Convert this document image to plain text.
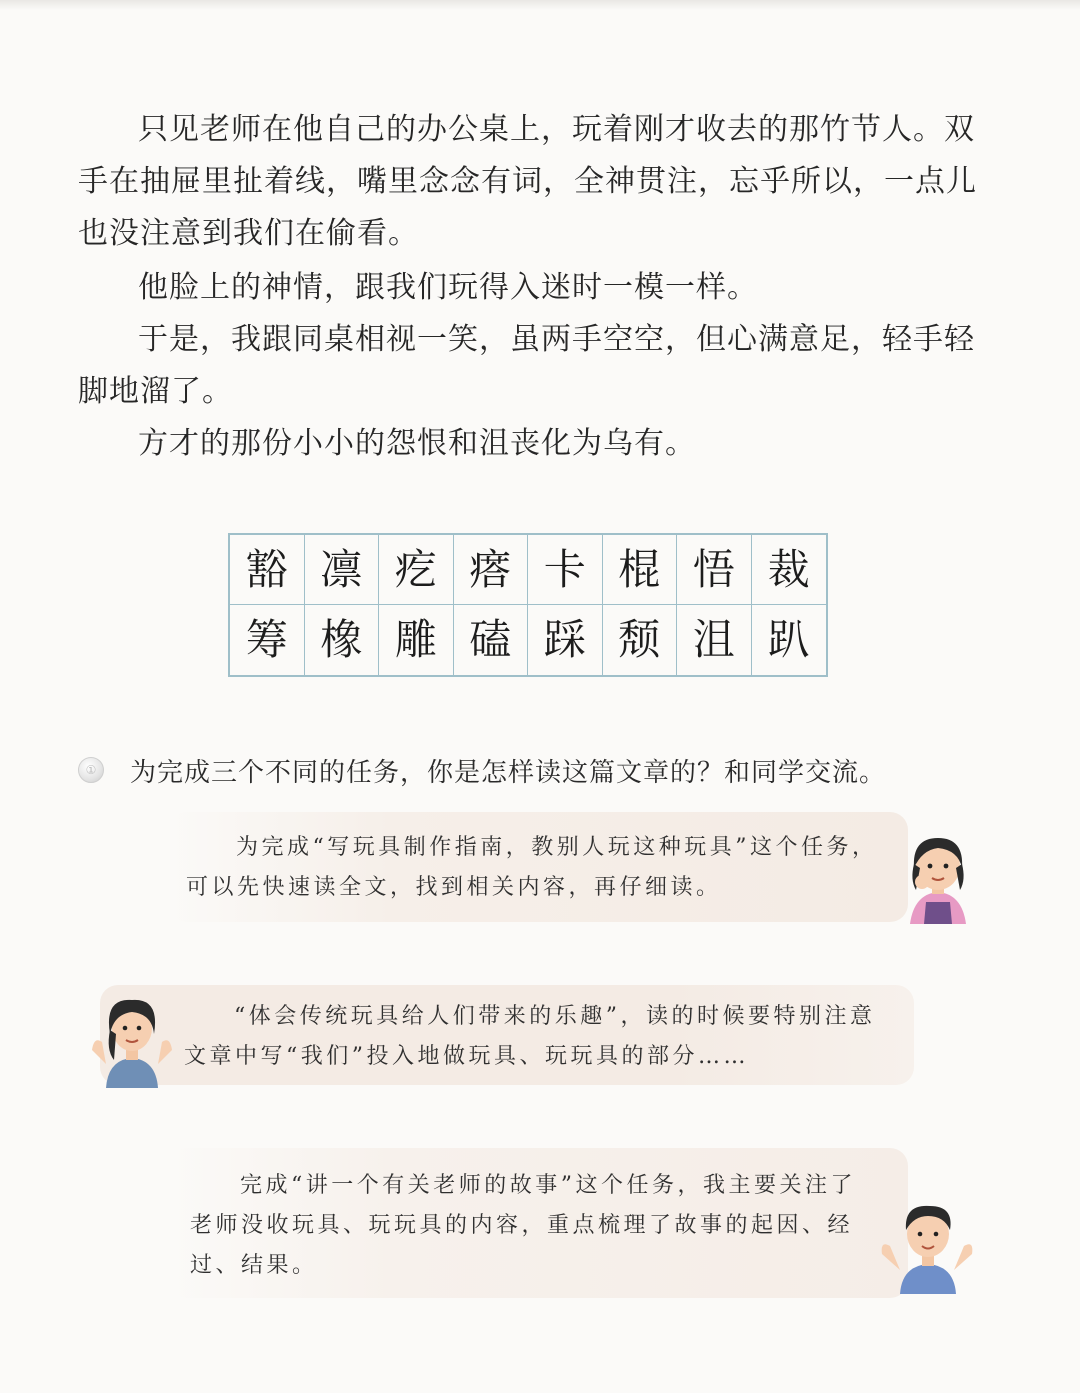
只见老师在他自己的办公桌上，玩着刚才收去的那竹节人。双手在抽屉里扯着线，嘴里念念有词，全神贯注，忘乎所以，一点儿也没注意到我们在偷看。

他脸上的神情，跟我们玩得入迷时一模一样。

于是，我跟同桌相视一笑，虽两手空空，但心满意足，轻手轻脚地溜了。

方才的那份小小的怨恨和沮丧化为乌有。

豁 凛 疙 瘩 卡 棍 悟 裁
筹 橡 雕 磕 踩 颓 沮 趴
① 为完成三个不同的任务，你是怎样读这篇文章的？和同学交流。

为完成“写玩具制作指南，教别人玩这种玩具”这个任务，可以先快速读全文，找到相关内容，再仔细读。

“体会传统玩具给人们带来的乐趣”，读的时候要特别注意文章中写“我们”投入地做玩具、玩玩具的部分……

完成“讲一个有关老师的故事”这个任务，我主要关注了老师没收玩具、玩玩具的内容，重点梳理了故事的起因、经过、结果。
